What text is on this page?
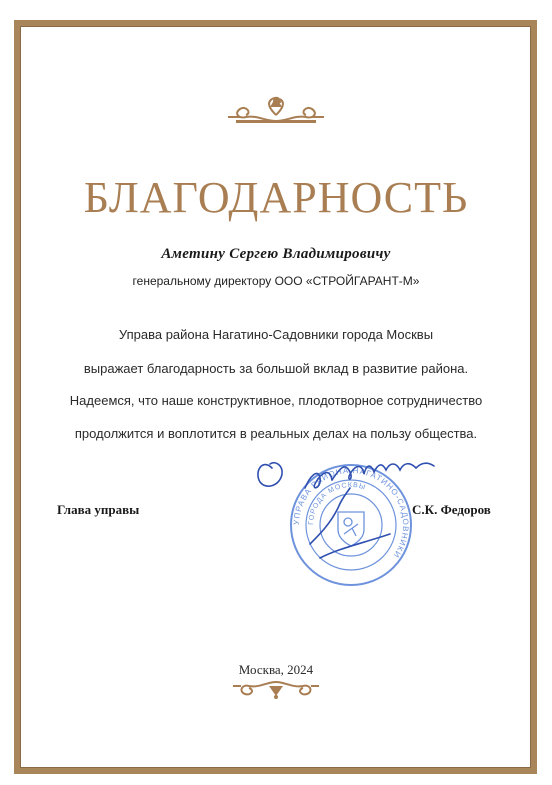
БЛАГОДАРНОСТЬ
Аметину Сергею Владимировичу
генеральному директору ООО «СТРОЙГАРАНТ-М»
Управа района Нагатино-Садовники города Москвы
выражает благодарность за большой вклад в развитие района.
Надеемся, что наше конструктивное, плодотворное сотрудничество
продолжится и воплотится в реальных делах на пользу общества.
УПРАВА РАЙОНА НАГАТИНО-САДОВНИКИ
ГОРОДА МОСКВЫ
Глава управы	С.К. Федоров
Москва, 2024
